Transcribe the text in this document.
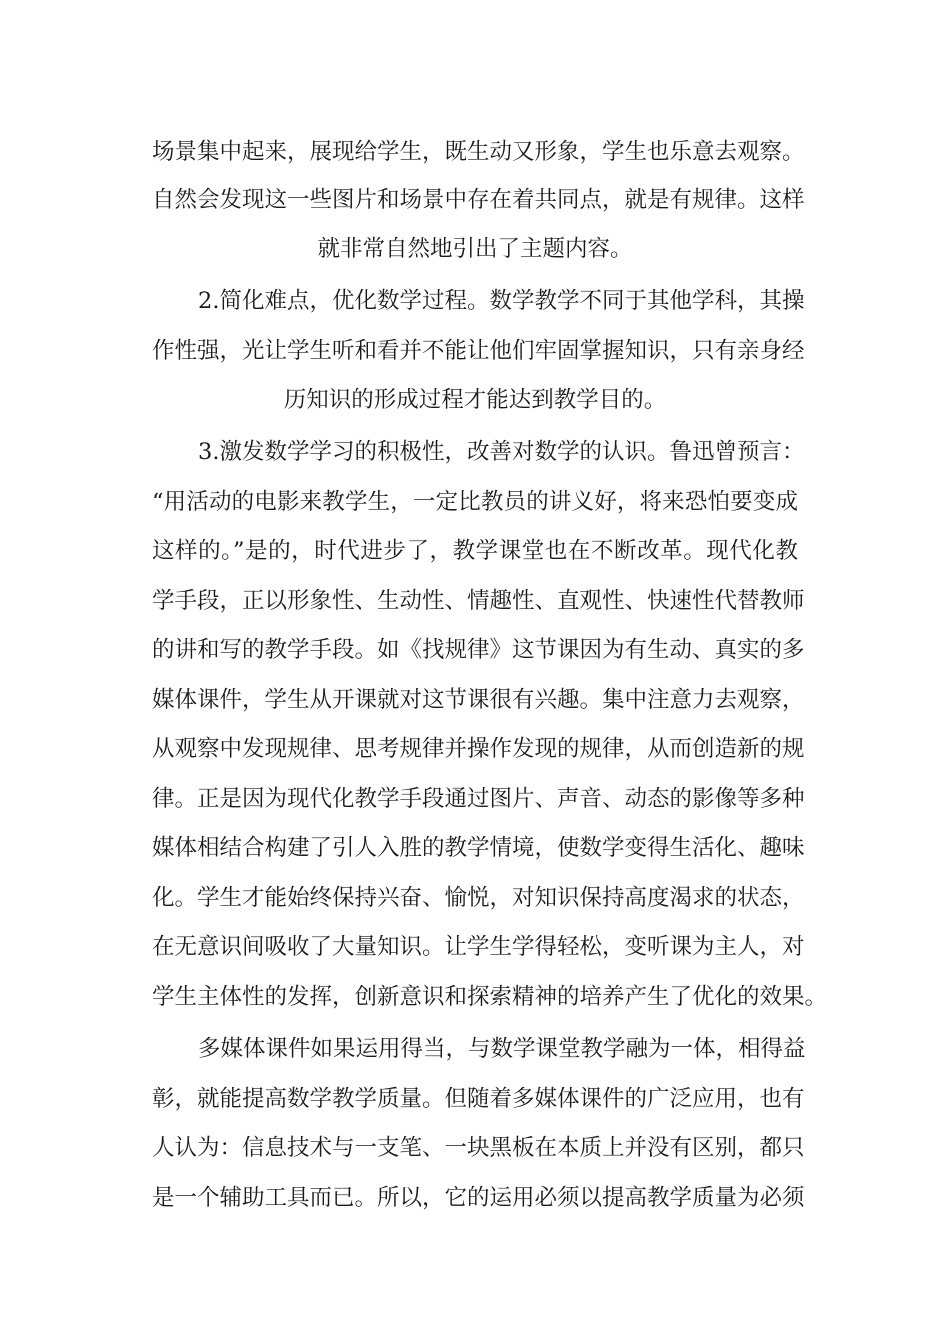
场景集中起来，展现给学生，既生动又形象，学生也乐意去观察。

自然会发现这一些图片和场景中存在着共同点，就是有规律。这样

就非常自然地引出了主题内容。

2.简化难点，优化数学过程。数学教学不同于其他学科，其操

作性强，光让学生听和看并不能让他们牢固掌握知识，只有亲身经

历知识的形成过程才能达到教学目的。

3.激发数学学习的积极性，改善对数学的认识。鲁迅曾预言：

“用活动的电影来教学生，一定比教员的讲义好，将来恐怕要变成

这样的。”是的，时代进步了，教学课堂也在不断改革。现代化教

学手段，正以形象性、生动性、情趣性、直观性、快速性代替教师

的讲和写的教学手段。如《找规律》这节课因为有生动、真实的多

媒体课件，学生从开课就对这节课很有兴趣。集中注意力去观察，

从观察中发现规律、思考规律并操作发现的规律，从而创造新的规

律。正是因为现代化教学手段通过图片、声音、动态的影像等多种

媒体相结合构建了引人入胜的教学情境，使数学变得生活化、趣味

化。学生才能始终保持兴奋、愉悦，对知识保持高度渴求的状态，

在无意识间吸收了大量知识。让学生学得轻松，变听课为主人，对

学生主体性的发挥，创新意识和探索精神的培养产生了优化的效果。

多媒体课件如果运用得当，与数学课堂教学融为一体，相得益

彰，就能提高数学教学质量。但随着多媒体课件的广泛应用，也有

人认为：信息技术与一支笔、一块黑板在本质上并没有区别，都只

是一个辅助工具而已。所以，它的运用必须以提高教学质量为必须
